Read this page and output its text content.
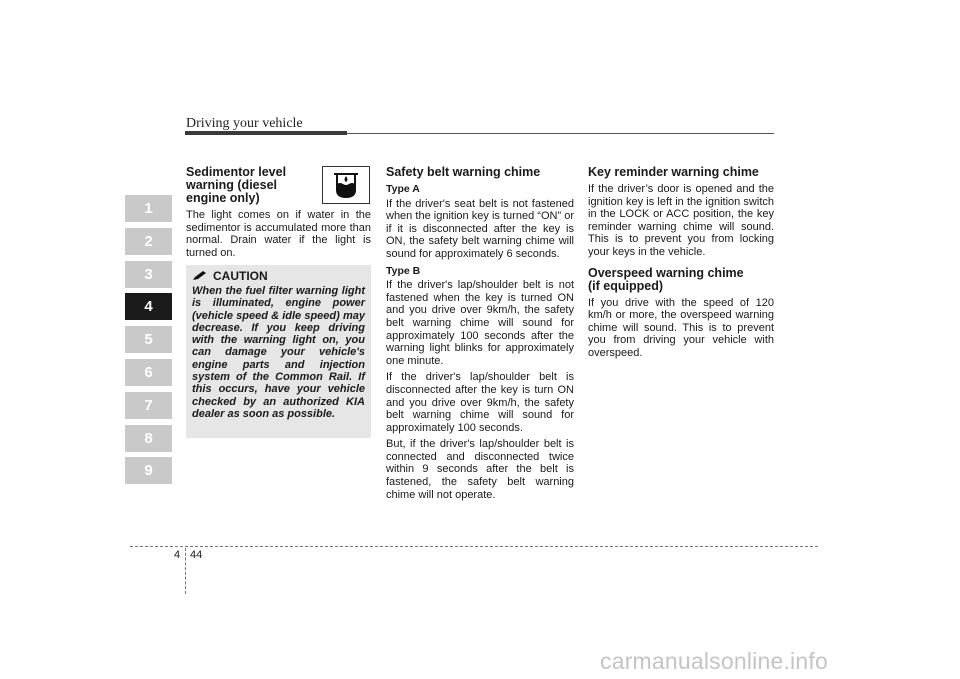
Driving your vehicle
1
2
3
4
5
6
7
8
9
Sedimentor level warning (diesel engine only)

The light comes on if water in the sedimentor is accumulated more than normal. Drain water if the light is turned on.

CAUTION

When the fuel filter warning light is illuminated, engine power (vehicle speed & idle speed) may decrease. If you keep driving with the warning light on, you can damage your vehicle's engine parts and injection system of the Common Rail. If this occurs, have your vehicle checked by an authorized KIA dealer as soon as possible.

Safety belt warning chime
Type A

If the driver's seat belt is not fastened when the ignition key is turned “ON” or if it is disconnected after the key is ON, the safety belt warning chime will sound for approximately 6 seconds.

Type B

If the driver's lap/shoulder belt is not fastened when the key is turned ON and you drive over 9km/h, the safety belt warning chime will sound for approximately 100 seconds after the warning light blinks for approximately one minute.

If the driver's lap/shoulder belt is disconnected after the key is turn ON and you drive over 9km/h, the safety belt warning chime will sound for approximately 100 seconds.

But, if the driver's lap/shoulder belt is connected and disconnected twice within 9 seconds after the belt is fastened, the safety belt warning chime will not operate.

Key reminder warning chime

If the driver’s door is opened and the ignition key is left in the ignition switch in the LOCK or ACC position, the key reminder warning chime will sound. This is to prevent you from locking your keys in the vehicle.

Overspeed warning chime (if equipped)

If you drive with the speed of 120 km/h or more, the overspeed warning chime will sound. This is to prevent you from driving your vehicle with overspeed.

4 44
carmanualsonline.info
